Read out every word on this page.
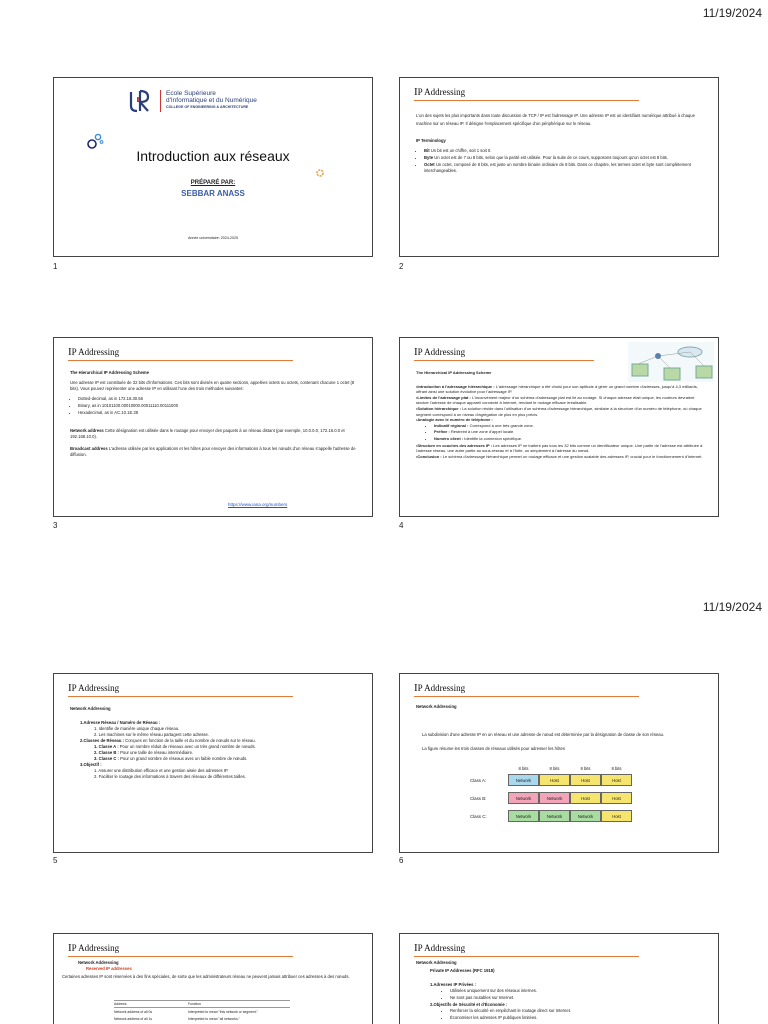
11/19/2024
Ecole Supérieure
d'Informatique et du Numérique
COLLEGE OF ENGINEERING & ARCHITECTURE
Introduction aux réseaux
PRÉPARÉ PAR:
SEBBAR ANASS
Année universitaire: 2024-2025
1
IP Addressing

L'un des sujets les plus importants dans toute discussion de TCP / IP est l'adressage IP. Une adresse IP est un identifiant numérique attribué à chaque machine sur un réseau IP. Il désigne l'emplacement spécifique d'un périphérique sur le réseau.

IP Terminology
• Bit Un bit est un chiffre, soit 1 soit 0.
• Byte Un octet est de 7 ou 8 bits, selon que la parité est utilisée. Pour la suite de ce cours, supposons toujours qu'un octet est 8 bits.
• Octet Un octet, composé de 8 bits, est juste un nombre binaire ordinaire de 8 bits. Dans ce chapitre, les termes octet et byte sont complètement interchangeables.
2
IP Addressing
The Hierarchical IP Addressing Scheme

Une adresse IP est constituée de 32 bits d'informations. Ces bits sont divisés en quatre sections, appelées octets ou octets, contenant chacune 1 octet (8 bits). Vous pouvez représenter une adresse IP en utilisant l'une des trois méthodes suivantes:

• Dotted-decimal, as in 172.16.30.56
• Binary, as in 10101100.00010000.00011110.00111000
• Hexadecimal, as in AC.10.1E.38

Network address Cette désignation est utilisée dans le routage pour envoyer des paquets à un réseau distant (par exemple, 10.0.0.0, 172.16.0.0 et 192.168.10.0).

Broadcast address L'adresse utilisée par les applications et les hôtes pour envoyer des informations à tous les nœuds d'un réseau s'appelle l'adresse de diffusion.

https://www.iana.org/numbers
3
IP Addressing
The Hierarchical IP Addressing Scheme
•Introduction à l'adressage hiérarchique : L'adressage hiérarchique a été choisi pour son aptitude à gérer un grand nombre d'adresses, jusqu'à 4,3 milliards, offrant ainsi une solution évolutive pour l'adressage IP.
•Limites de l'adressage plat : L'inconvénient majeur d'un schéma d'adressage plat est lié au routage. Si chaque adresse était unique, les routeurs devraient stocker l'adresse de chaque appareil connecté à Internet, rendant le routage efficace irréalisable.
•Solution hiérarchique : La solution réside dans l'utilisation d'un schéma d'adressage hiérarchique, similaire à la structure d'un numéro de téléphone, où chaque segment correspond à un niveau d'agrégation de plus en plus précis.
•Analogie avec le numéro de téléphone :
• Indicatif régional : Correspond à une très grande zone.
• Préfixe : Restreint à une zone d'appel locale.
• Numéro client : Identifie la connexion spécifique.
•Structure en couches des adresses IP : Les adresses IP ne traitent pas tous les 32 bits comme un identificateur unique. Une partie de l'adresse est attribuée à l'adresse réseau, une autre partie au sous-réseau et à l'hôte, ou simplement à l'adresse du nœud.
•Conclusion : Le schéma d'adressage hiérarchique permet un routage efficace et une gestion scalable des adresses IP, crucial pour le fonctionnement d'Internet.
4
11/19/2024
IP Addressing
Network Addressing
1.Adresse Réseau / Numéro de Réseau :
1. Identifie de manière unique chaque réseau.
2. Les machines sur le même réseau partagent cette adresse.
2.Classes de Réseau : Conçues en fonction de la taille et du nombre de nœuds sur le réseau.
1. Classe A : Pour un nombre réduit de réseaux avec un très grand nombre de nœuds.
2. Classe B : Pour une taille de réseau intermédiaire.
3. Classe C : Pour un grand nombre de réseaux avec un faible nombre de nœuds.
3.Objectif :
1. Assurer une distribution efficace et une gestion aisée des adresses IP.
2. Faciliter le routage des informations à travers des réseaux de différentes tailles.
5
IP Addressing
Network Addressing

La subdivision d'une adresse IP en un réseau et une adresse de nœud est déterminée par la désignation de classe de son réseau.

La figure résume les trois classes de réseaux utilisés pour adresser les hôtes

8 bits	8 bits	8 bits	8 bits
Class A:	Network	Host	Host	Host
Class B:	Network	Network	Host	Host
Class C:	Network	Network	Network	Host
6
IP Addressing
Network Addressing
Reserved IP addresses

Certaines adresses IP sont réservées à des fins spéciales, de sorte que les administrateurs réseau ne peuvent jamais attribuer ces adresses à des nœuds.

Address	Function
Network address of all 0s	Interpreted to mean "this network or segment."
Network address of all 1s	Interpreted to mean "all networks."
IP Addressing
Network Addressing
Private IP Addresses (RFC 1918)
1.Adresses IP Privées :
• Utilisées uniquement sur des réseaux internes.
• Ne sont pas routables sur Internet.
2.Objectifs de Sécurité et d'Économie :
• Renforcer la sécurité en empêchant le routage direct sur Internet.
• Économiser les adresses IP publiques limitées.
